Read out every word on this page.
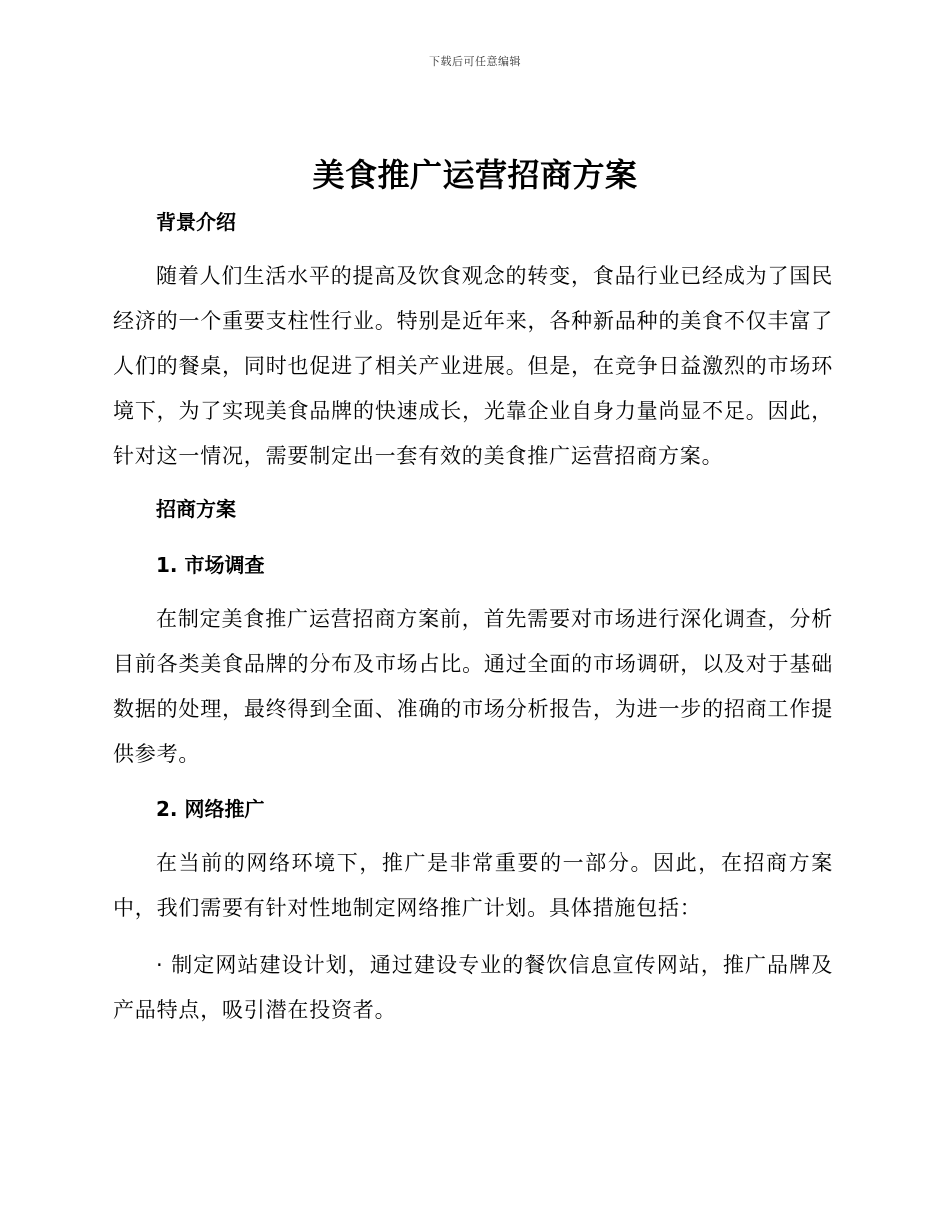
下载后可任意编辑
美食推广运营招商方案
背景介绍

随着人们生活水平的提高及饮食观念的转变，食品行业已经成为了国民经济的一个重要支柱性行业。特别是近年来，各种新品种的美食不仅丰富了人们的餐桌，同时也促进了相关产业进展。但是，在竞争日益激烈的市场环境下，为了实现美食品牌的快速成长，光靠企业自身力量尚显不足。因此，针对这一情况，需要制定出一套有效的美食推广运营招商方案。

招商方案
1. 市场调查

在制定美食推广运营招商方案前，首先需要对市场进行深化调查，分析目前各类美食品牌的分布及市场占比。通过全面的市场调研，以及对于基础数据的处理，最终得到全面、准确的市场分析报告，为进一步的招商工作提供参考。

2. 网络推广

在当前的网络环境下，推广是非常重要的一部分。因此，在招商方案中，我们需要有针对性地制定网络推广计划。具体措施包括：

· 制定网站建设计划，通过建设专业的餐饮信息宣传网站，推广品牌及产品特点，吸引潜在投资者。
